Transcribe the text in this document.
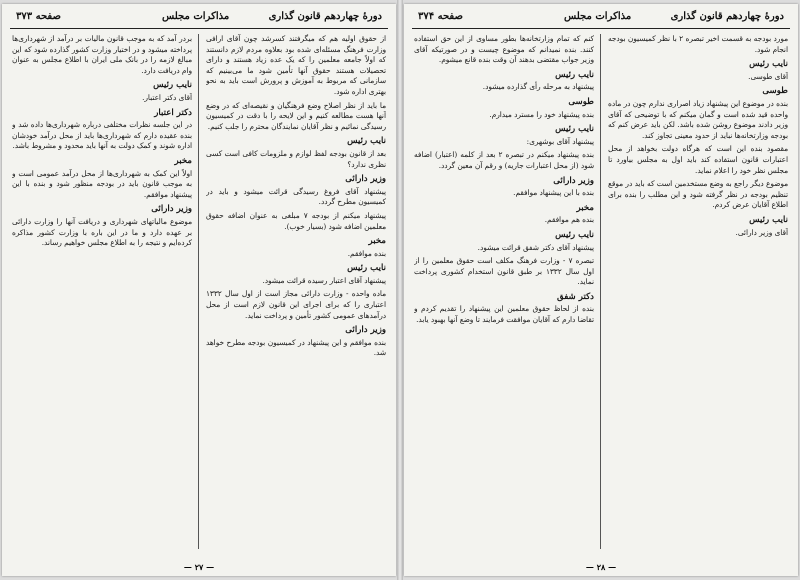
دورهٔ چهاردهم قانون گذاری
مذاکرات مجلس
صفحه ۳۷۳
از حقوق اولیه هم که میگرفتند کسرشد چون آقای ارافی وزارت فرهنگ مسئله‌ای شده بود بعلاوه مردم لازم دانستند که اولاً جامعه معلمین را که یک عده زیاد هستند و دارای تحصیلات هستند حقوق آنها تأمین شود ما می‌بینیم که سازمانی که مربوط به آموزش و پرورش است باید به نحو بهتری اداره شود.
ما باید از نظر اصلاح وضع فرهنگیان و نقیصه‌ای که در وضع آنها هست مطالعه کنیم و این لایحه را با دقت در کمیسیون رسیدگی نمائیم و نظر آقایان نمایندگان محترم را جلب کنیم.
نایب رئیس
بعد از قانون بودجه لفظ لوازم و ملزومات کافی است کسی نظری ندارد؟
وزیر دارائی
پیشنهاد آقای فروغ رسیدگی قرائت میشود و باید در کمیسیون مطرح گردد.
پیشنهاد میکنم از بودجه ۷ مبلغی به عنوان اضافه حقوق معلمین اضافه شود (بسیار خوب).
مخبر
بنده موافقم.
نایب رئیس
پیشنهاد آقای اعتبار رسیده قرائت میشود.
ماده واحده - وزارت دارائی مجاز است از اول سال ۱۳۳۲ اعتباری را که برای اجرای این قانون لازم است از محل درآمدهای عمومی کشور تأمین و پرداخت نماید.
وزیر دارائی
بنده موافقم و این پیشنهاد در کمیسیون بودجه مطرح خواهد شد.
بردر آمد که به موجب قانون مالیات بر درآمد از شهرداری‌ها پرداخته میشود و در اختیار وزارت کشور گذارده شود که این مبالغ لازمه را در بانک ملی ایران با اطلاع مجلس به عنوان وام دریافت دارد.
نایب رئیس
آقای دکتر اعتبار.
دکتر اعتبار
در این جلسه نظرات مختلفی درباره شهرداری‌ها داده شد و بنده عقیده دارم که شهرداری‌ها باید از محل درآمد خودشان اداره شوند و کمک دولت به آنها باید محدود و مشروط باشد.
مخبر
اولاً این کمک به شهرداری‌ها از محل درآمد عمومی است و به موجب قانون باید در بودجه منظور شود و بنده با این پیشنهاد موافقم.
وزیر دارائی
موضوع مالیاتهای شهرداری و دریافت آنها را وزارت دارائی بر عهده دارد و ما در این باره با وزارت کشور مذاکره کرده‌ایم و نتیجه را به اطلاع مجلس خواهیم رساند.
— ۲۷ —
دورهٔ چهاردهم قانون گذاری
مذاکرات مجلس
صفحه ۳۷۴
مورد بودجه به قسمت اخیر تبصره ۲ با نظر کمیسیون بودجه انجام شود.
نایب رئیس
آقای طوسی.
طوسی
بنده در موضوع این پیشنهاد زیاد اصراری ندارم چون در ماده واحده قید شده است و گمان میکنم که با توضیحی که آقای وزیر دادند موضوع روشن شده باشد. لکن باید عرض کنم که بودجه وزارتخانه‌ها نباید از حدود معینی تجاوز کند.
مقصود بنده این است که هرگاه دولت بخواهد از محل اعتبارات قانون استفاده کند باید اول به مجلس بیاورد تا مجلس نظر خود را اعلام نماید.
موضوع دیگر راجع به وضع مستخدمین است که باید در موقع تنظیم بودجه در نظر گرفته شود و این مطلب را بنده برای اطلاع آقایان عرض کردم.
نایب رئیس
آقای وزیر دارائی.
کنم که تمام وزارتخانه‌ها بطور مساوی از این حق استفاده کنند. بنده نمیدانم که موضوع چیست و در صورتیکه آقای وزیر جواب مقتضی بدهند آن وقت بنده قانع میشوم.
نایب رئیس
پیشنهاد به مرحله رأی گذارده میشود.
طوسی
بنده پیشنهاد خود را مسترد میدارم.
نایب رئیس
پیشنهاد آقای بوشهری:
بنده پیشنهاد میکنم در تبصره ۲ بعد از کلمه (اعتبار) اضافه شود (از محل اعتبارات جاریه) و رقم آن معین گردد.
وزیر دارائی
بنده با این پیشنهاد موافقم.
مخبر
بنده هم موافقم.
نایب رئیس
پیشنهاد آقای دکتر شفق قرائت میشود.
تبصره ۷ - وزارت فرهنگ مکلف است حقوق معلمین را از اول سال ۱۳۳۲ بر طبق قانون استخدام کشوری پرداخت نماید.
دکتر شفق
بنده از لحاظ حقوق معلمین این پیشنهاد را تقدیم کردم و تقاضا دارم که آقایان موافقت فرمایند تا وضع آنها بهبود یابد.
— ۲۸ —
